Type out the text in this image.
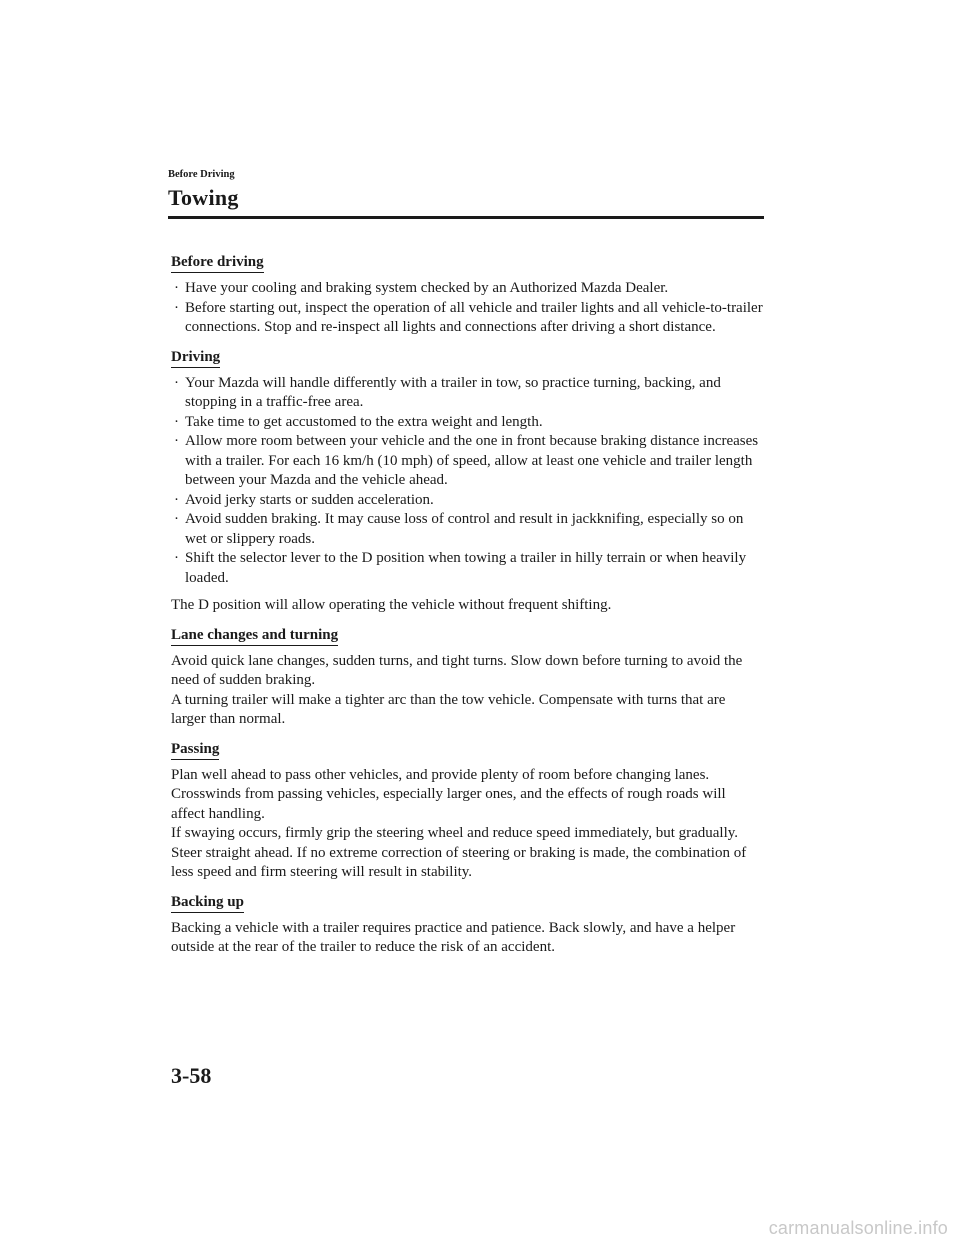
Before Driving
Towing
Before driving
· Have your cooling and braking system checked by an Authorized Mazda Dealer.
· Before starting out, inspect the operation of all vehicle and trailer lights and all vehicle-to-trailer connections. Stop and re-inspect all lights and connections after driving a short distance.
Driving
· Your Mazda will handle differently with a trailer in tow, so practice turning, backing, and stopping in a traffic-free area.
· Take time to get accustomed to the extra weight and length.
· Allow more room between your vehicle and the one in front because braking distance increases with a trailer. For each 16 km/h (10 mph) of speed, allow at least one vehicle and trailer length between your Mazda and the vehicle ahead.
· Avoid jerky starts or sudden acceleration.
· Avoid sudden braking. It may cause loss of control and result in jackknifing, especially so on wet or slippery roads.
· Shift the selector lever to the D position when towing a trailer in hilly terrain or when heavily loaded.

The D position will allow operating the vehicle without frequent shifting.

Lane changes and turning

Avoid quick lane changes, sudden turns, and tight turns. Slow down before turning to avoid the need of sudden braking.

A turning trailer will make a tighter arc than the tow vehicle. Compensate with turns that are larger than normal.

Passing

Plan well ahead to pass other vehicles, and provide plenty of room before changing lanes. Crosswinds from passing vehicles, especially larger ones, and the effects of rough roads will affect handling.

If swaying occurs, firmly grip the steering wheel and reduce speed immediately, but gradually.

Steer straight ahead. If no extreme correction of steering or braking is made, the combination of less speed and firm steering will result in stability.

Backing up

Backing a vehicle with a trailer requires practice and patience. Back slowly, and have a helper outside at the rear of the trailer to reduce the risk of an accident.

3-58
carmanualsonline.info
